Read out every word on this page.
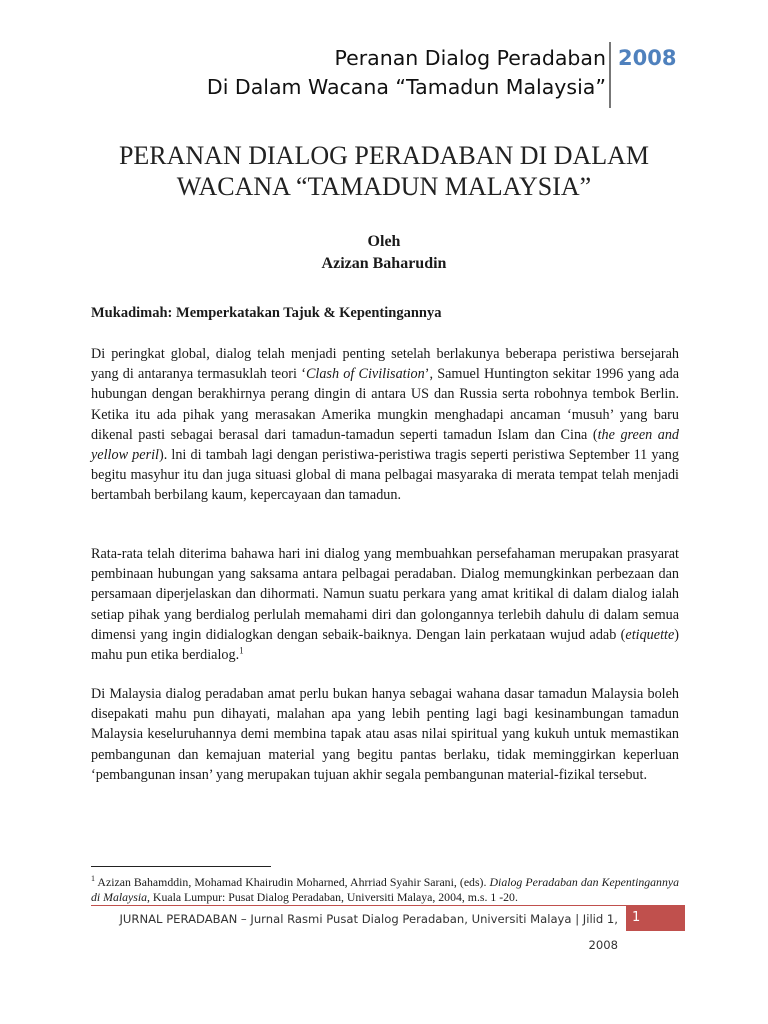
Peranan Dialog Peradaban
Di Dalam Wacana “Tamadun Malaysia”
2008
PERANAN DIALOG PERADABAN DI DALAM
WACANA “TAMADUN MALAYSIA”
Oleh
Azizan Baharudin
Mukadimah: Memperkatakan Tajuk & Kepentingannya
Di peringkat global, dialog telah menjadi penting setelah berlakunya beberapa peristiwa bersejarah yang di antaranya termasuklah teori ‘Clash of Civilisation’, Samuel Huntington sekitar 1996 yang ada hubungan dengan berakhirnya perang dingin di antara US dan Russia serta robohnya tembok Berlin. Ketika itu ada pihak yang merasakan Amerika mungkin menghadapi ancaman ‘musuh’ yang baru dikenal pasti sebagai berasal dari tamadun-tamadun seperti tamadun Islam dan Cina (the green and yellow peril). lni di tambah lagi dengan peristiwa-peristiwa tragis seperti peristiwa September 11 yang begitu masyhur itu dan juga situasi global di mana pelbagai masyaraka di merata tempat telah menjadi bertambah berbilang kaum, kepercayaan dan tamadun.
Rata-rata telah diterima bahawa hari ini dialog yang membuahkan persefahaman merupakan prasyarat pembinaan hubungan yang saksama antara pelbagai peradaban. Dialog memungkinkan perbezaan dan persamaan diperjelaskan dan dihormati. Namun suatu perkara yang amat kritikal di dalam dialog ialah setiap pihak yang berdialog perlulah memahami diri dan golongannya terlebih dahulu di dalam semua dimensi yang ingin didialogkan dengan sebaik-baiknya. Dengan lain perkataan wujud adab (etiquette) mahu pun etika berdialog.$^1$
Di Malaysia dialog peradaban amat perlu bukan hanya sebagai wahana dasar tamadun Malaysia boleh disepakati mahu pun dihayati, malahan apa yang lebih penting lagi bagi kesinambungan tamadun Malaysia keseluruhannya demi membina tapak atau asas nilai spiritual yang kukuh untuk memastikan pembangunan dan kemajuan material yang begitu pantas berlaku, tidak meminggirkan keperluan ‘pembangunan insan’ yang merupakan tujuan akhir segala pembangunan material-fizikal tersebut.
$^1$ Azizan Bahamddin, Mohamad Khairudin Moharned, Ahrriad Syahir Sarani, (eds). Dialog Peradaban dan Kepentingannya di Malaysia, Kuala Lumpur: Pusat Dialog Peradaban, Universiti Malaya, 2004, m.s. 1 -20.
JURNAL PERADABAN – Jurnal Rasmi Pusat Dialog Peradaban, Universiti Malaya | Jilid 1, 2008
1
